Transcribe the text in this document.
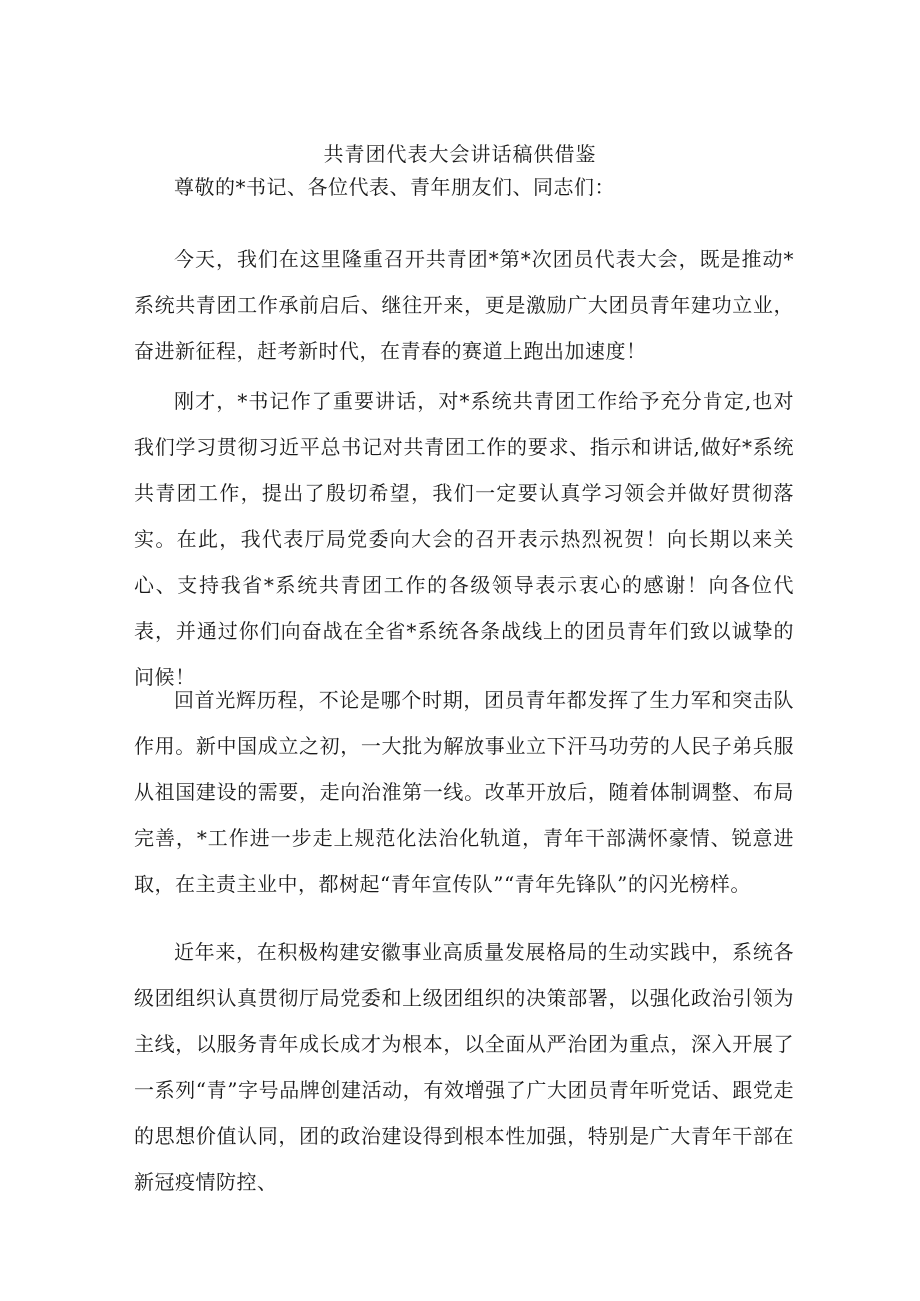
共青团代表大会讲话稿供借鉴

尊敬的*书记、各位代表、青年朋友们、同志们：

今天，我们在这里隆重召开共青团*第*次团员代表大会，既是推动*系统共青团工作承前启后、继往开来，更是激励广大团员青年建功立业，奋进新征程，赶考新时代，在青春的赛道上跑出加速度！

刚才，*书记作了重要讲话，对*系统共青团工作给予充分肯定,也对我们学习贯彻习近平总书记对共青团工作的要求、指示和讲话,做好*系统共青团工作，提出了殷切希望，我们一定要认真学习领会并做好贯彻落实。在此，我代表厅局党委向大会的召开表示热烈祝贺！向长期以来关心、支持我省*系统共青团工作的各级领导表示衷心的感谢！向各位代表，并通过你们向奋战在全省*系统各条战线上的团员青年们致以诚挚的问候！

回首光辉历程，不论是哪个时期，团员青年都发挥了生力军和突击队作用。新中国成立之初，一大批为解放事业立下汗马功劳的人民子弟兵服从祖国建设的需要，走向治淮第一线。改革开放后，随着体制调整、布局完善，*工作进一步走上规范化法治化轨道，青年干部满怀豪情、锐意进取，在主责主业中，都树起“青年宣传队”“青年先锋队”的闪光榜样。

近年来，在积极构建安徽事业高质量发展格局的生动实践中，系统各级团组织认真贯彻厅局党委和上级团组织的决策部署，以强化政治引领为主线，以服务青年成长成才为根本，以全面从严治团为重点，深入开展了一系列“青”字号品牌创建活动，有效增强了广大团员青年听党话、跟党走的思想价值认同，团的政治建设得到根本性加强，特别是广大青年干部在新冠疫情防控、
